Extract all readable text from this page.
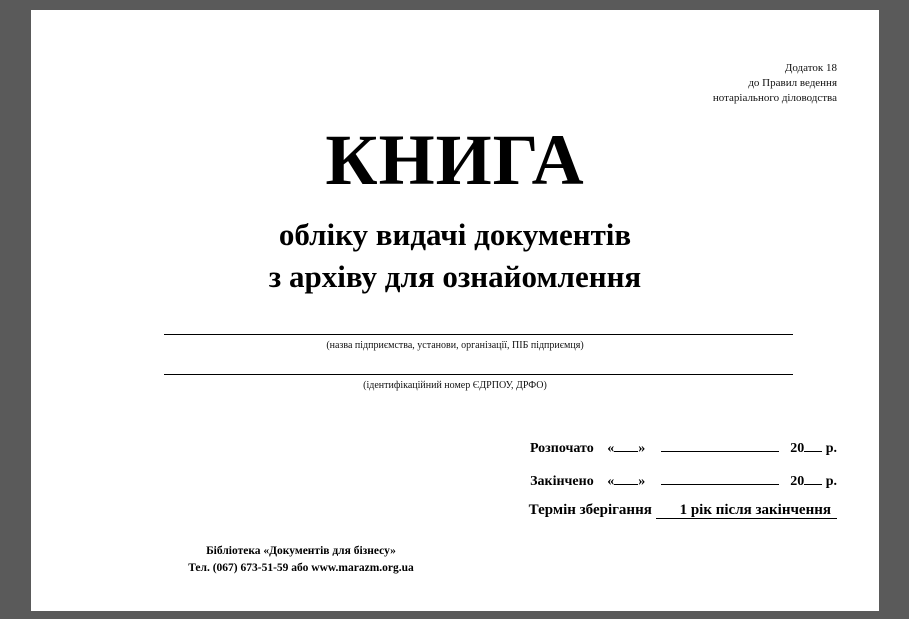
Додаток 18
до Правил ведення
нотаріального діловодства
КНИГА
обліку видачі документів
з архіву для ознайомлення
(назва підприємства, установи, організації, ПІБ підприємця)
(ідентифікаційний номер ЄДРПОУ, ДРФО)
Розпочато « »	20 р.
Закінчено « »	20 р.
Термін зберігання 1 рік після закінчення
Бібліотека «Документів для бізнесу»
Тел. (067) 673-51-59 або www.marazm.org.ua
